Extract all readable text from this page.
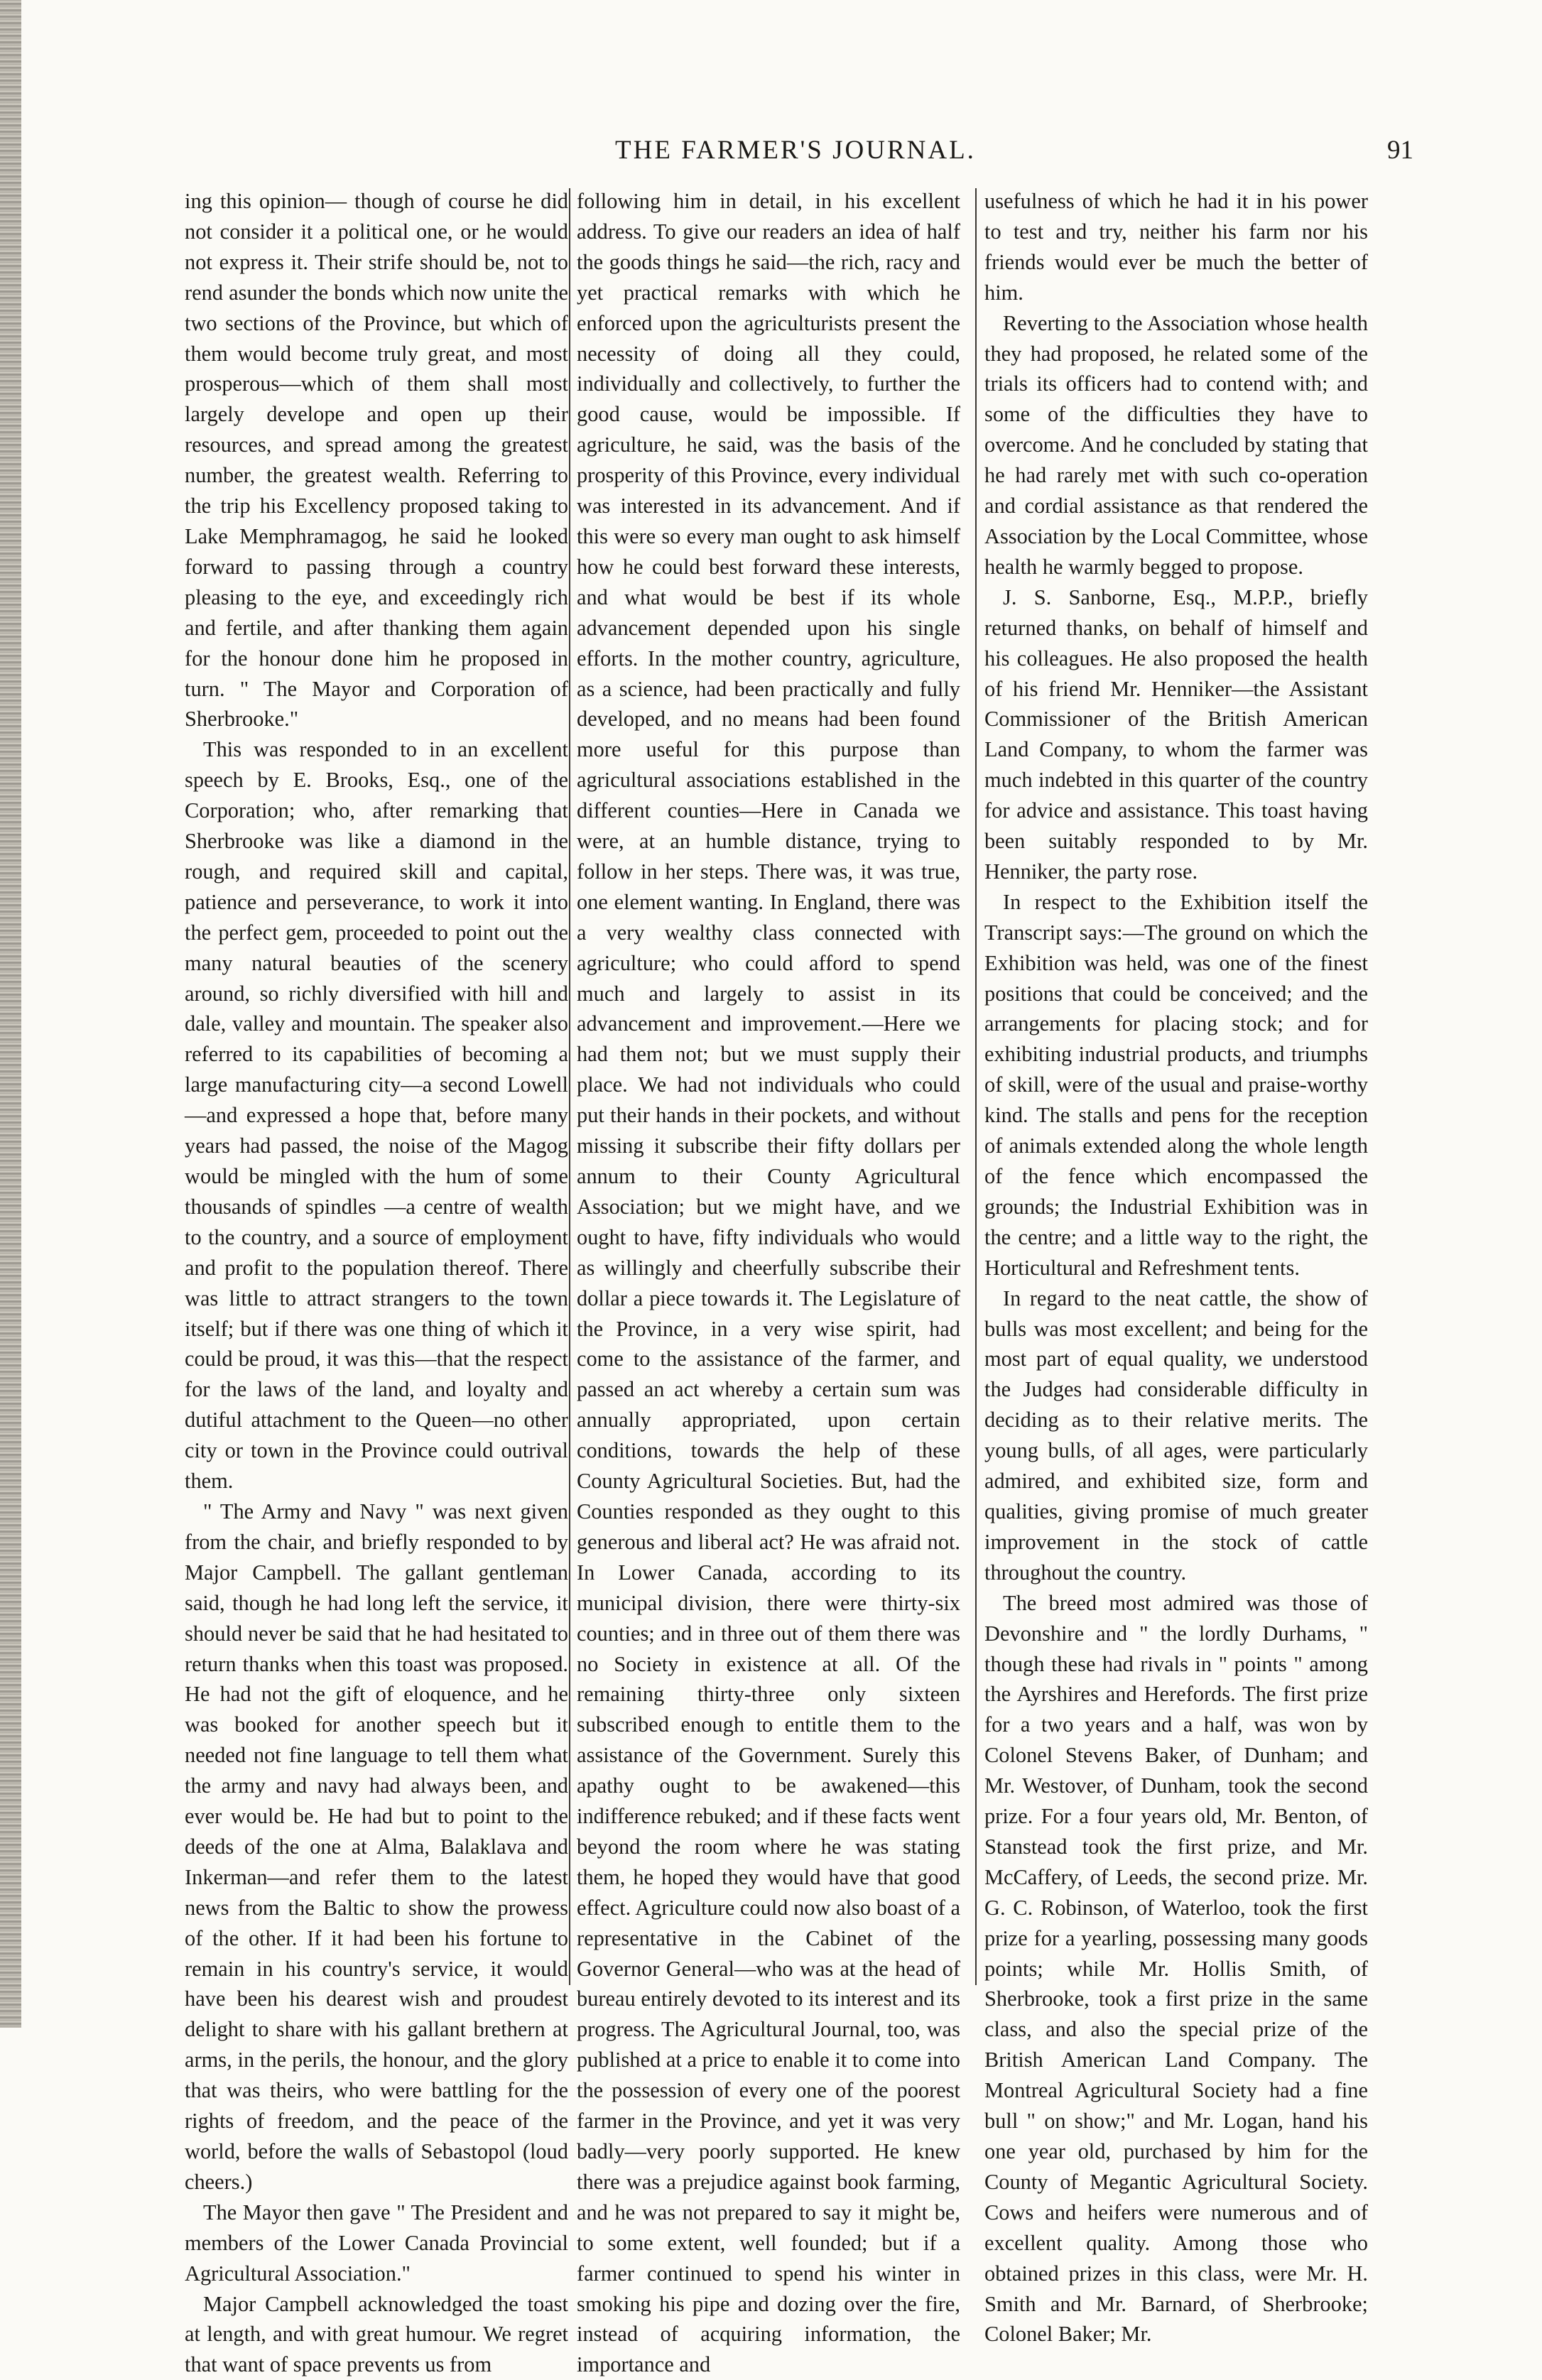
THE FARMER'S JOURNAL.	91

ing this opinion— though of course he did not consider it a political one, or he would not express it. Their strife should be, not to rend asunder the bonds which now unite the two sections of the Province, but which of them would become truly great, and most prosperous—which of them shall most largely develope and open up their resources, and spread among the greatest number, the greatest wealth. Referring to the trip his Excellency proposed taking to Lake Memphramagog, he said he looked forward to passing through a country pleasing to the eye, and exceedingly rich and fertile, and after thanking them again for the honour done him he proposed in turn. " The Mayor and Corporation of Sherbrooke."

This was responded to in an excellent speech by E. Brooks, Esq., one of the Corporation; who, after remarking that Sherbrooke was like a diamond in the rough, and required skill and capital, patience and perseverance, to work it into the perfect gem, proceeded to point out the many natural beauties of the scenery around, so richly diversified with hill and dale, valley and mountain. The speaker also referred to its capabilities of becoming a large manufacturing city—a second Lowell—and expressed a hope that, before many years had passed, the noise of the Magog would be mingled with the hum of some thousands of spindles —a centre of wealth to the country, and a source of employment and profit to the population thereof. There was little to attract strangers to the town itself; but if there was one thing of which it could be proud, it was this—that the respect for the laws of the land, and loyalty and dutiful attachment to the Queen—no other city or town in the Province could outrival them.

" The Army and Navy " was next given from the chair, and briefly responded to by Major Campbell. The gallant gentleman said, though he had long left the service, it should never be said that he had hesitated to return thanks when this toast was proposed. He had not the gift of eloquence, and he was booked for another speech but it needed not fine language to tell them what the army and navy had always been, and ever would be. He had but to point to the deeds of the one at Alma, Balaklava and Inkerman—and refer them to the latest news from the Baltic to show the prowess of the other. If it had been his fortune to remain in his country's service, it would have been his dearest wish and proudest delight to share with his gallant brethern at arms, in the perils, the honour, and the glory that was theirs, who were battling for the rights of freedom, and the peace of the world, before the walls of Sebastopol (loud cheers.)

The Mayor then gave " The President and members of the Lower Canada Provincial Agricultural Association."

Major Campbell acknowledged the toast at length, and with great humour. We regret that want of space prevents us from

following him in detail, in his excellent address. To give our readers an idea of half the goods things he said—the rich, racy and yet practical remarks with which he enforced upon the agriculturists present the necessity of doing all they could, individually and collectively, to further the good cause, would be impossible. If agriculture, he said, was the basis of the prosperity of this Province, every individual was interested in its advancement. And if this were so every man ought to ask himself how he could best forward these interests, and what would be best if its whole advancement depended upon his single efforts. In the mother country, agriculture, as a science, had been practically and fully developed, and no means had been found more useful for this purpose than agricultural associations established in the different counties—Here in Canada we were, at an humble distance, trying to follow in her steps. There was, it was true, one element wanting. In England, there was a very wealthy class connected with agriculture; who could afford to spend much and largely to assist in its advancement and improvement.—Here we had them not; but we must supply their place. We had not individuals who could put their hands in their pockets, and without missing it subscribe their fifty dollars per annum to their County Agricultural Association; but we might have, and we ought to have, fifty individuals who would as willingly and cheerfully subscribe their dollar a piece towards it. The Legislature of the Province, in a very wise spirit, had come to the assistance of the farmer, and passed an act whereby a certain sum was annually appropriated, upon certain conditions, towards the help of these County Agricultural Societies. But, had the Counties responded as they ought to this generous and liberal act? He was afraid not. In Lower Canada, according to its municipal division, there were thirty-six counties; and in three out of them there was no Society in existence at all. Of the remaining thirty-three only sixteen subscribed enough to entitle them to the assistance of the Government. Surely this apathy ought to be awakened—this indifference rebuked; and if these facts went beyond the room where he was stating them, he hoped they would have that good effect. Agriculture could now also boast of a representative in the Cabinet of the Governor General—who was at the head of bureau entirely devoted to its interest and its progress. The Agricultural Journal, too, was published at a price to enable it to come into the possession of every one of the poorest farmer in the Province, and yet it was very badly—very poorly supported. He knew there was a prejudice against book farming, and he was not prepared to say it might be, to some extent, well founded; but if a farmer continued to spend his winter in smoking his pipe and dozing over the fire, instead of acquiring information, the importance and

usefulness of which he had it in his power to test and try, neither his farm nor his friends would ever be much the better of him.

Reverting to the Association whose health they had proposed, he related some of the trials its officers had to contend with; and some of the difficulties they have to overcome. And he concluded by stating that he had rarely met with such co-operation and cordial assistance as that rendered the Association by the Local Committee, whose health he warmly begged to propose.

J. S. Sanborne, Esq., M.P.P., briefly returned thanks, on behalf of himself and his colleagues. He also proposed the health of his friend Mr. Henniker—the Assistant Commissioner of the British American Land Company, to whom the farmer was much indebted in this quarter of the country for advice and assistance. This toast having been suitably responded to by Mr. Henniker, the party rose.

In respect to the Exhibition itself the Transcript says:—The ground on which the Exhibition was held, was one of the finest positions that could be conceived; and the arrangements for placing stock; and for exhibiting industrial products, and triumphs of skill, were of the usual and praise-worthy kind. The stalls and pens for the reception of animals extended along the whole length of the fence which encompassed the grounds; the Industrial Exhibition was in the centre; and a little way to the right, the Horticultural and Refreshment tents.

In regard to the neat cattle, the show of bulls was most excellent; and being for the most part of equal quality, we understood the Judges had considerable difficulty in deciding as to their relative merits. The young bulls, of all ages, were particularly admired, and exhibited size, form and qualities, giving promise of much greater improvement in the stock of cattle throughout the country.

The breed most admired was those of Devonshire and " the lordly Durhams, " though these had rivals in " points " among the Ayrshires and Herefords. The first prize for a two years and a half, was won by Colonel Stevens Baker, of Dunham; and Mr. Westover, of Dunham, took the second prize. For a four years old, Mr. Benton, of Stanstead took the first prize, and Mr. McCaffery, of Leeds, the second prize. Mr. G. C. Robinson, of Waterloo, took the first prize for a yearling, possessing many goods points; while Mr. Hollis Smith, of Sherbrooke, took a first prize in the same class, and also the special prize of the British American Land Company. The Montreal Agricultural Society had a fine bull " on show;" and Mr. Logan, hand his one year old, purchased by him for the County of Megantic Agricultural Society. Cows and heifers were numerous and of excellent quality. Among those who obtained prizes in this class, were Mr. H. Smith and Mr. Barnard, of Sherbrooke; Colonel Baker; Mr.
